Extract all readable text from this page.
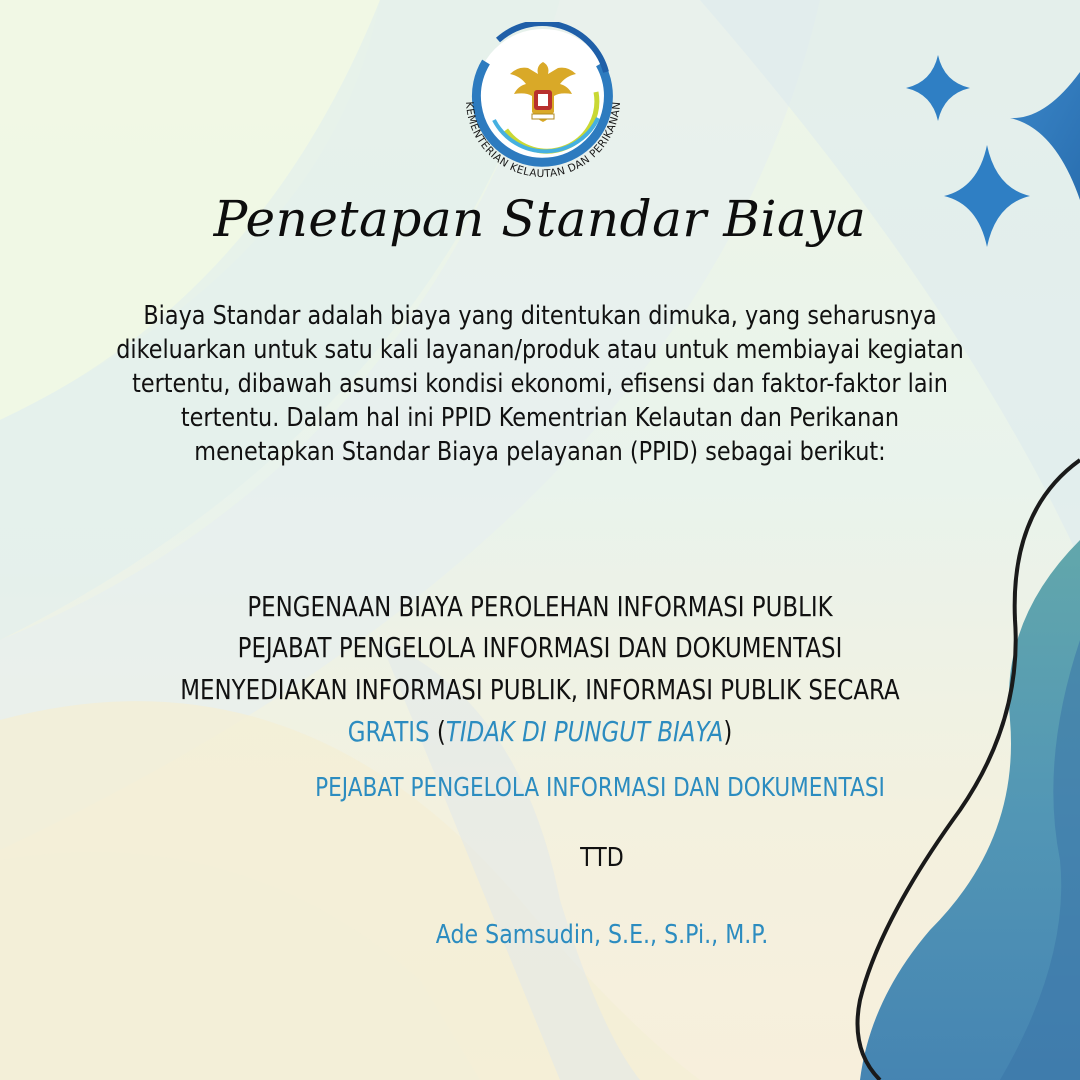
KEMENTERIAN KELAUTAN DAN PERIKANAN
Penetapan Standar Biaya
Biaya Standar adalah biaya yang ditentukan dimuka, yang seharusnya
dikeluarkan untuk satu kali layanan/produk atau untuk membiayai kegiatan
tertentu, dibawah asumsi kondisi ekonomi, efisensi dan faktor-faktor lain
tertentu. Dalam hal ini PPID Kementrian Kelautan dan Perikanan
menetapkan Standar Biaya pelayanan (PPID) sebagai berikut:
PENGENAAN BIAYA PEROLEHAN INFORMASI PUBLIK
PEJABAT PENGELOLA INFORMASI DAN DOKUMENTASI
MENYEDIAKAN INFORMASI PUBLIK, INFORMASI PUBLIK SECARA
GRATIS (TIDAK DI PUNGUT BIAYA)
PEJABAT PENGELOLA INFORMASI DAN DOKUMENTASI
TTD
Ade Samsudin, S.E., S.Pi., M.P.
